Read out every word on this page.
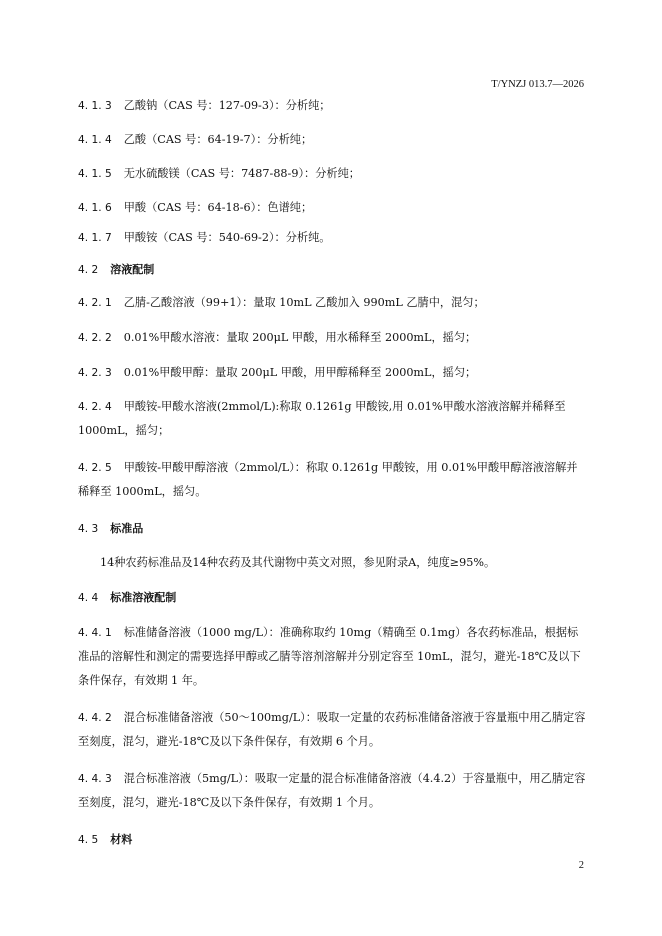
T/YNZJ 013.7—2026
4. 1. 3 乙酸钠（CAS 号：127-09-3）：分析纯；
4. 1. 4 乙酸（CAS 号：64-19-7）：分析纯；
4. 1. 5 无水硫酸镁（CAS 号：7487-88-9）：分析纯；
4. 1. 6 甲酸（CAS 号：64-18-6）：色谱纯；
4. 1. 7 甲酸铵（CAS 号：540-69-2）：分析纯。
4. 2 溶液配制
4. 2. 1 乙腈-乙酸溶液（99+1）：量取 10mL 乙酸加入 990mL 乙腈中，混匀；
4. 2. 2 0.01%甲酸水溶液：量取 200μL 甲酸，用水稀释至 2000mL，摇匀；
4. 2. 3 0.01%甲酸甲醇：量取 200μL 甲酸，用甲醇稀释至 2000mL，摇匀；
4. 2. 4 甲酸铵-甲酸水溶液(2mmol/L):称取 0.1261g 甲酸铵,用 0.01%甲酸水溶液溶解并稀释至 1000mL，摇匀；
4. 2. 5 甲酸铵-甲酸甲醇溶液（2mmol/L）：称取 0.1261g 甲酸铵，用 0.01%甲酸甲醇溶液溶解并稀释至 1000mL，摇匀。
4. 3 标准品
14种农药标准品及14种农药及其代谢物中英文对照，参见附录A，纯度≥95%。
4. 4 标准溶液配制
4. 4. 1 标准储备溶液（1000 mg/L）：准确称取约 10mg（精确至 0.1mg）各农药标准品，根据标准品的溶解性和测定的需要选择甲醇或乙腈等溶剂溶解并分别定容至 10mL，混匀，避光-18℃及以下条件保存，有效期 1 年。
4. 4. 2 混合标准储备溶液（50～100mg/L）：吸取一定量的农药标准储备溶液于容量瓶中用乙腈定容至刻度，混匀，避光-18℃及以下条件保存，有效期 6 个月。
4. 4. 3 混合标准溶液（5mg/L）：吸取一定量的混合标准储备溶液（4.4.2）于容量瓶中，用乙腈定容至刻度，混匀，避光-18℃及以下条件保存，有效期 1 个月。
4. 5 材料
2
